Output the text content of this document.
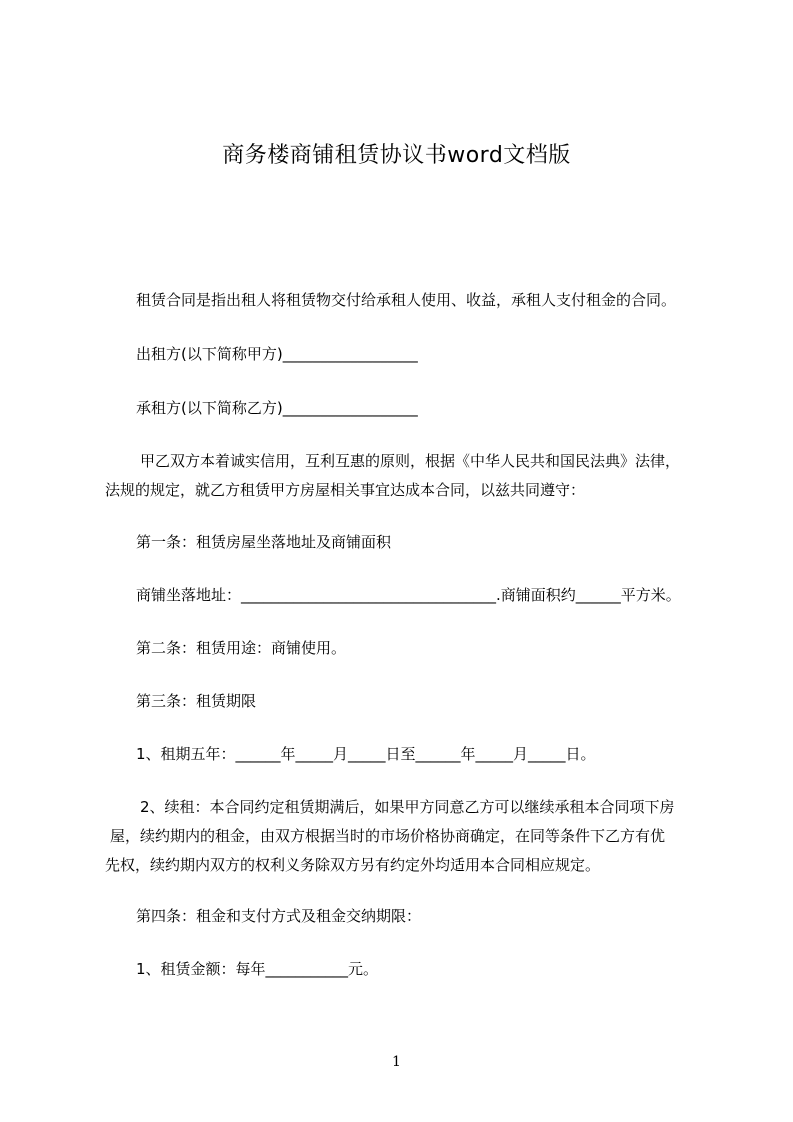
商务楼商铺租赁协议书word文档版
租赁合同是指出租人将租赁物交付给承租人使用、收益，承租人支付租金的合同。
出租方(以下简称甲方)__________________
承租方(以下简称乙方)__________________
甲乙双方本着诚实信用，互利互惠的原则，根据《中华人民共和国民法典》法律，
法规的规定，就乙方租赁甲方房屋相关事宜达成本合同，以兹共同遵守：
第一条：租赁房屋坐落地址及商铺面积
商铺坐落地址：__________________________________.商铺面积约______平方米。
第二条：租赁用途：商铺使用。
第三条：租赁期限
1、租期五年：______年_____月_____日至______年_____月_____日。
2、续租：本合同约定租赁期满后，如果甲方同意乙方可以继续承租本合同项下房
屋，续约期内的租金，由双方根据当时的市场价格协商确定，在同等条件下乙方有优
先权，续约期内双方的权利义务除双方另有约定外均适用本合同相应规定。
第四条：租金和支付方式及租金交纳期限：
1、租赁金额：每年___________元。
1
